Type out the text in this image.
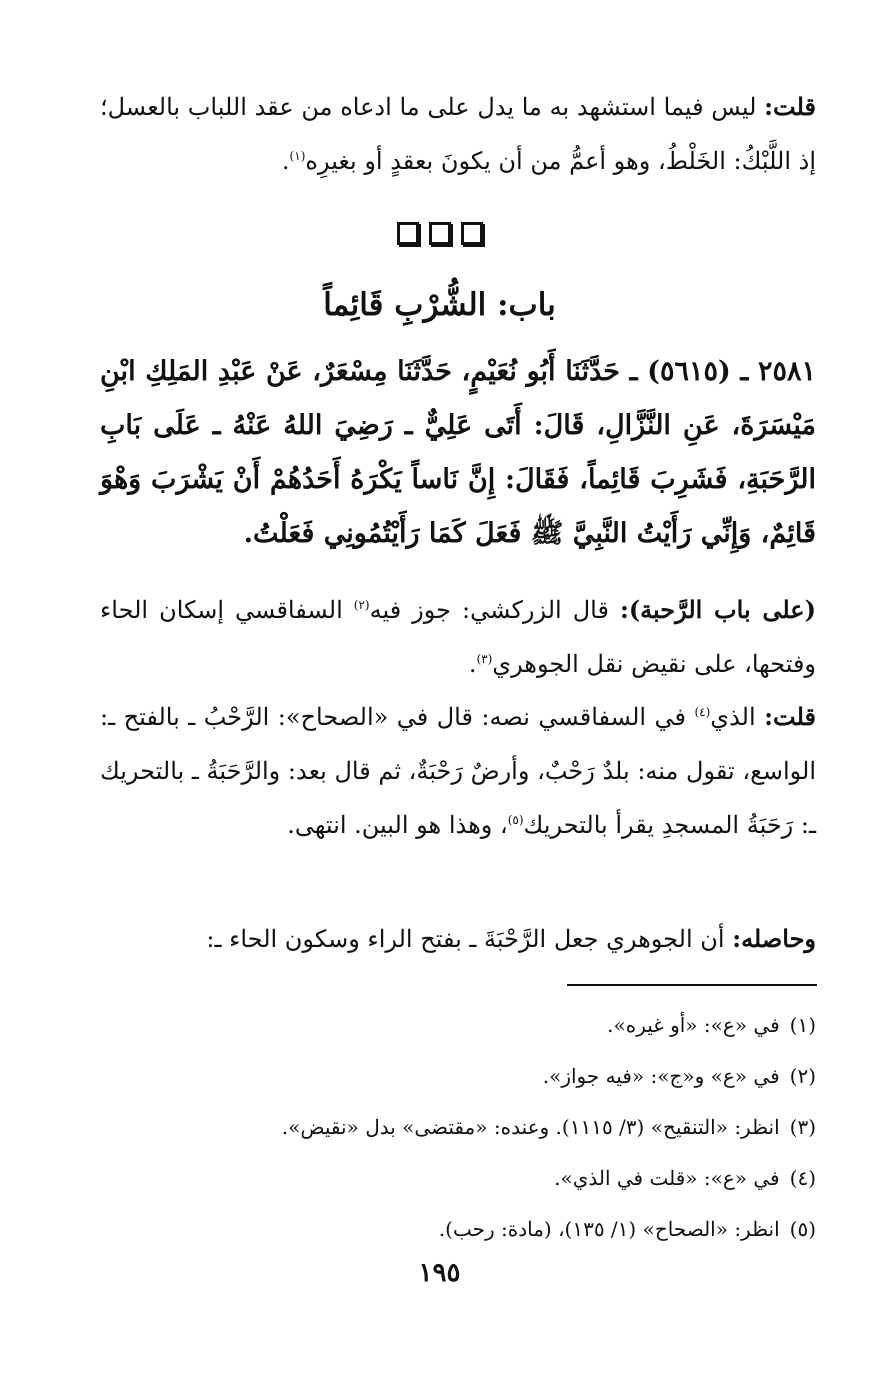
قلت: ليس فيما استشهد به ما يدل على ما ادعاه من عقد اللباب بالعسل؛ إذ اللَّبْكُ: الخَلْطُ، وهو أعمُّ من أن يكونَ بعقدٍ أو بغيرِه$^{(١)}$.
باب: الشُّرْبِ قَائِماً
٢٥٨١ ـ (٥٦١٥) ـ حَدَّثَنَا أَبُو نُعَيْمٍ، حَدَّثَنَا مِسْعَرٌ، عَنْ عَبْدِ المَلِكِ ابْنِ مَيْسَرَةَ، عَنِ النَّزَّالِ، قَالَ: أَتَى عَلِيٌّ ـ رَضِيَ اللهُ عَنْهُ ـ عَلَى بَابِ الرَّحَبَةِ، فَشَرِبَ قَائِماً، فَقَالَ: إِنَّ نَاساً يَكْرَهُ أَحَدُهُمْ أَنْ يَشْرَبَ وَهْوَ قَائِمٌ، وَإِنِّي رَأَيْتُ النَّبِيَّ ﷺ فَعَلَ كَمَا رَأَيْتُمُونِي فَعَلْتُ.
(على باب الرَّحبة): قال الزركشي: جوز فيه$^{(٢)}$ السفاقسي إسكان الحاء وفتحها، على نقيض نقل الجوهري$^{(٣)}$.
قلت: الذي$^{(٤)}$ في السفاقسي نصه: قال في «الصحاح»: الرَّحْبُ ـ بالفتح ـ: الواسع، تقول منه: بلدٌ رَحْبٌ، وأرضٌ رَحْبَةٌ، ثم قال بعد: والرَّحَبَةُ ـ بالتحريك ـ: رَحَبَةُ المسجدِ يقرأ بالتحريك$^{(٥)}$، وهذا هو البين. انتهى.
وحاصله: أن الجوهري جعل الرَّحْبَةَ ـ بفتح الراء وسكون الحاء ـ:
(١)في «ع»: «أو غيره».
(٢)في «ع» و«ج»: «فيه جواز».
(٣)انظر: «التنقيح» (٣/ ١١١٥). وعنده: «مقتضى» بدل «نقيض».
(٤)في «ع»: «قلت في الذي».
(٥)انظر: «الصحاح» (١/ ١٣٥)، (مادة: رحب).
١٩٥
